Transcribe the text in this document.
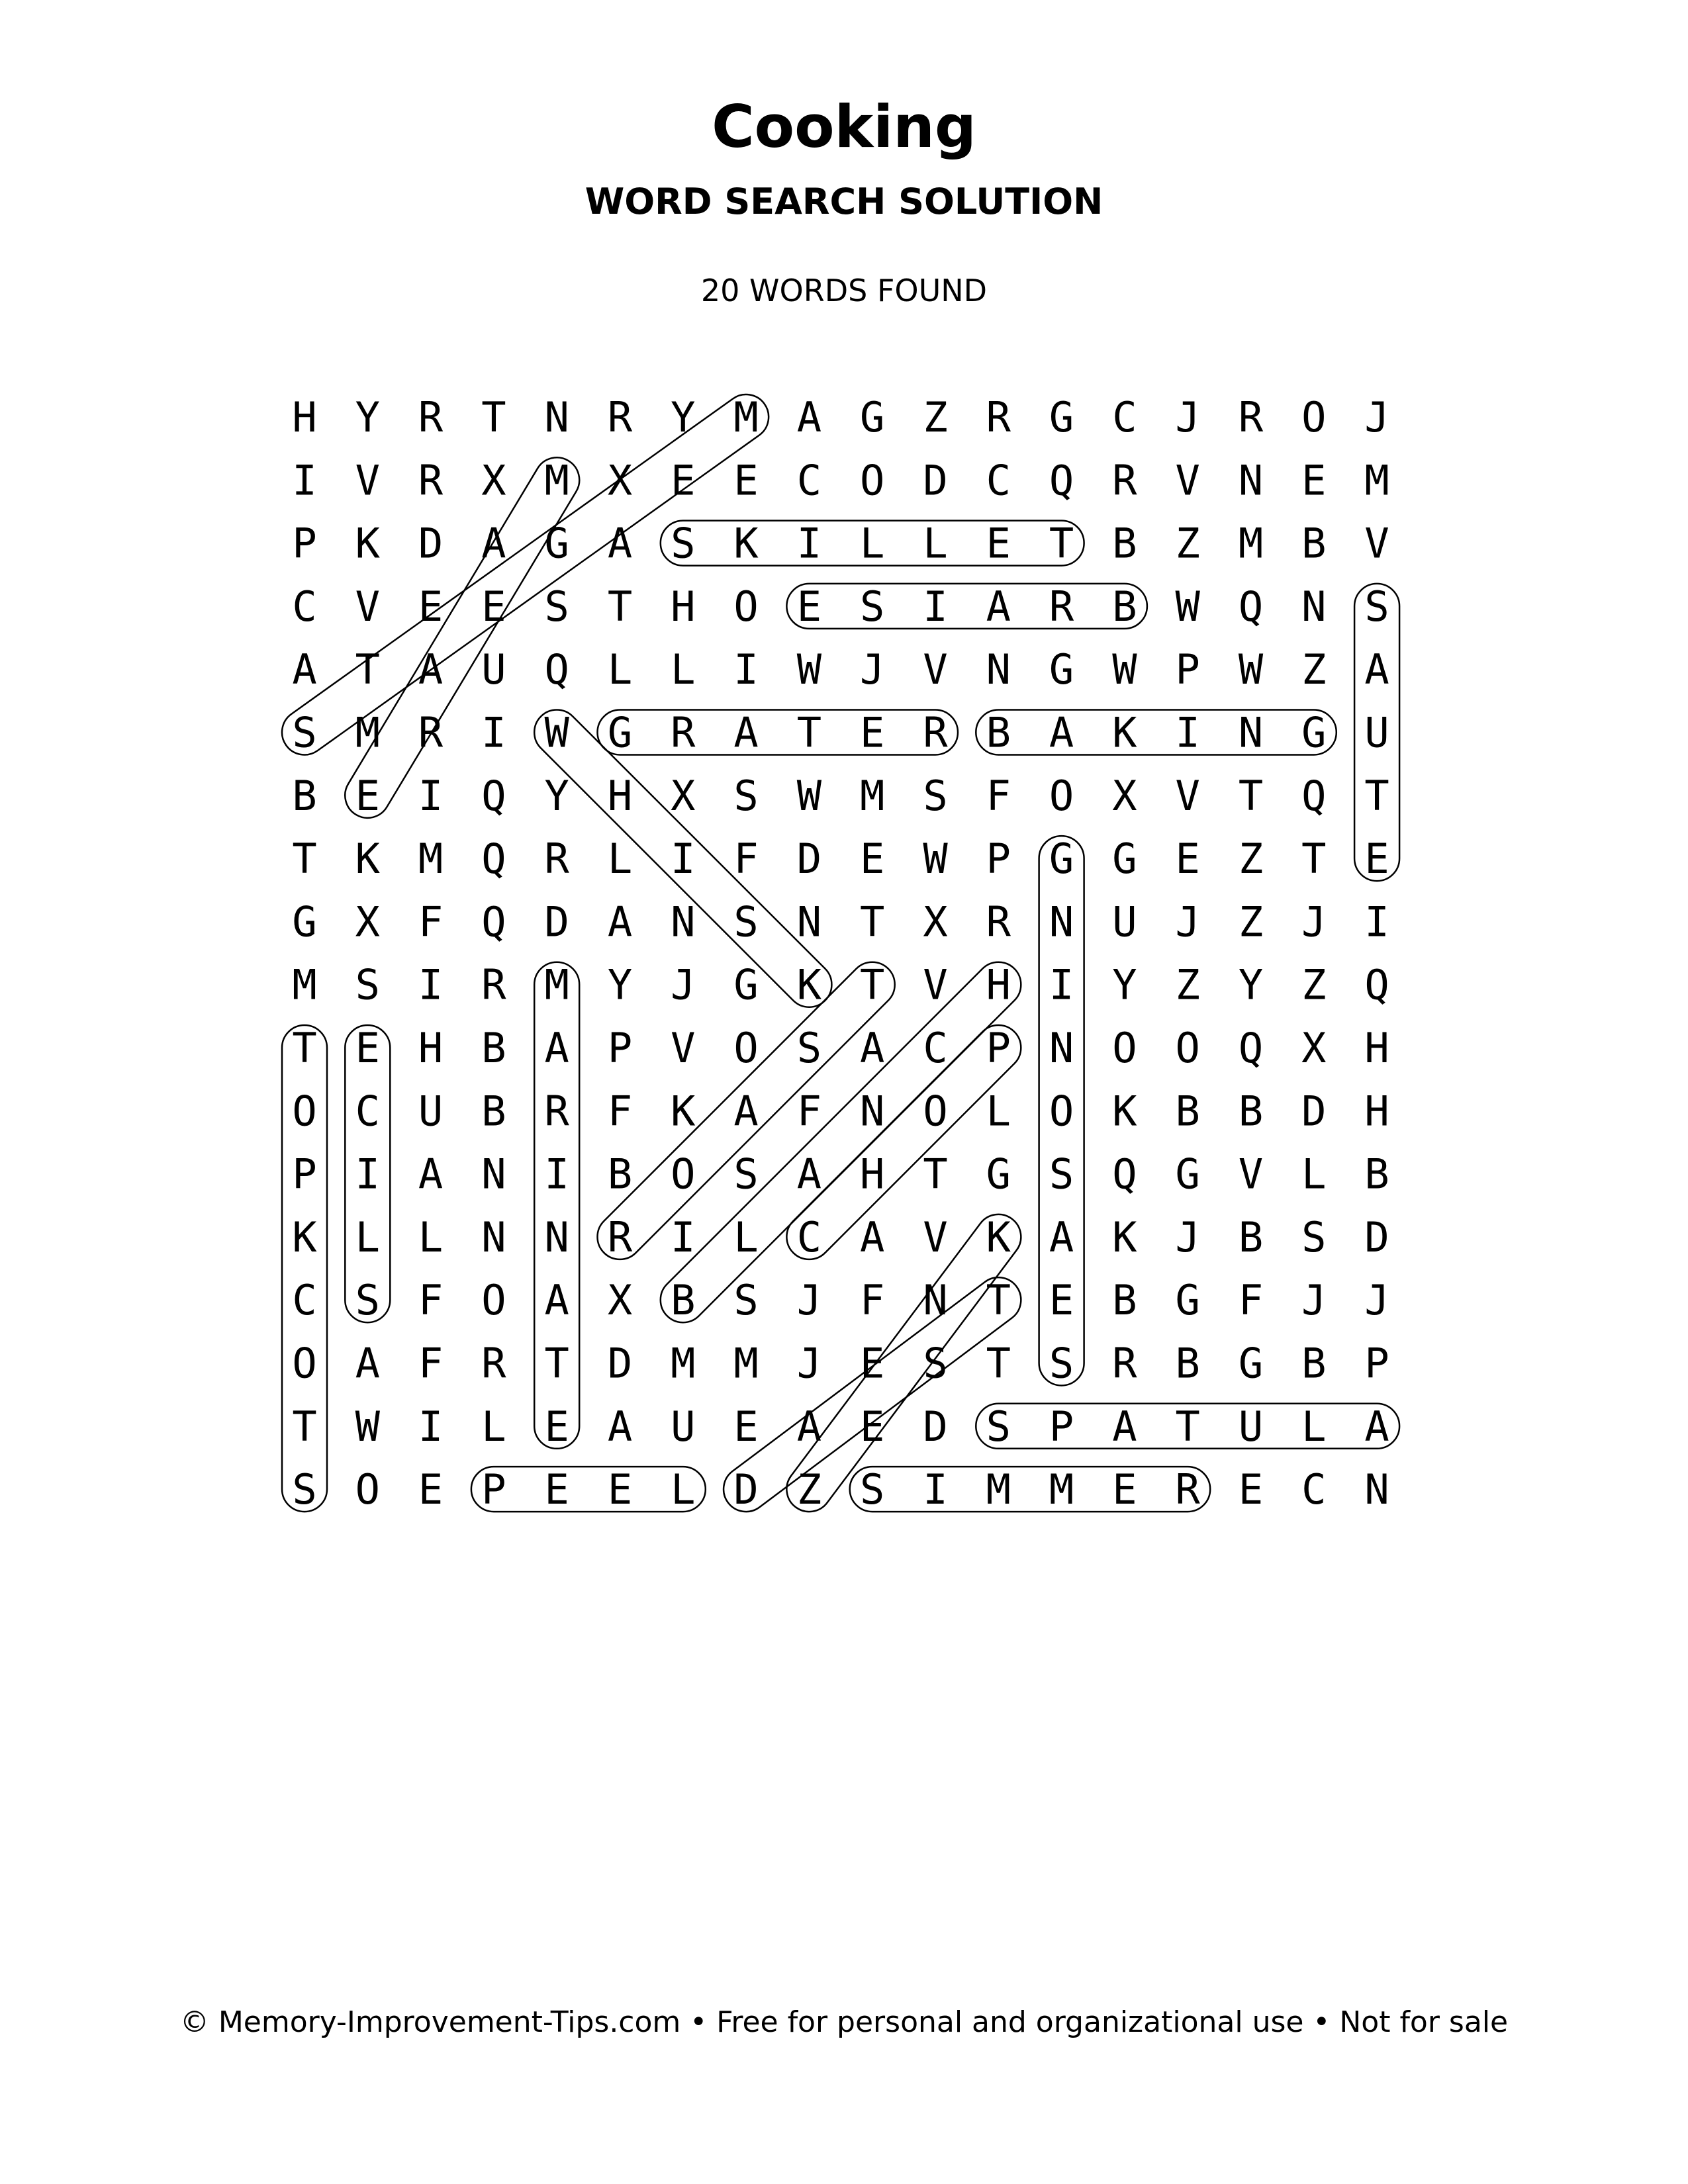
Cooking
WORD SEARCH SOLUTION
20 WORDS FOUND
H Y R T N R Y M A G Z R G C J R O J
I V R X M X E E C O D C Q R V N E M
P K D A G A S K I L L E T B Z M B V
C V E E S T H O E S I A R B W Q N S
A T A U Q L L I W J V N G W P W Z A
S M R I W G R A T E R B A K I N G U
B E I Q Y H X S W M S F O X V T Q T
T K M Q R L I F D E W P G G E Z T E
G X F Q D A N S N T X R N U J Z J I
M S I R M Y J G K T V H I Y Z Y Z Q
T E H B A P V O S A C P N O O Q X H
O C U B R F K A F N O L O K B B D H
P I A N I B O S A H T G S Q G V L B
K L L N N R I L C A V K A K J B S D
C S F O A X B S J F N T E B G F J J
O A F R T D M M J E S T S R B G B P
T W I L E A U E A E D S P A T U L A
S O E P E E L D Z S I M M E R E C N
© Memory-Improvement-Tips.com • Free for personal and organizational use • Not for sale
